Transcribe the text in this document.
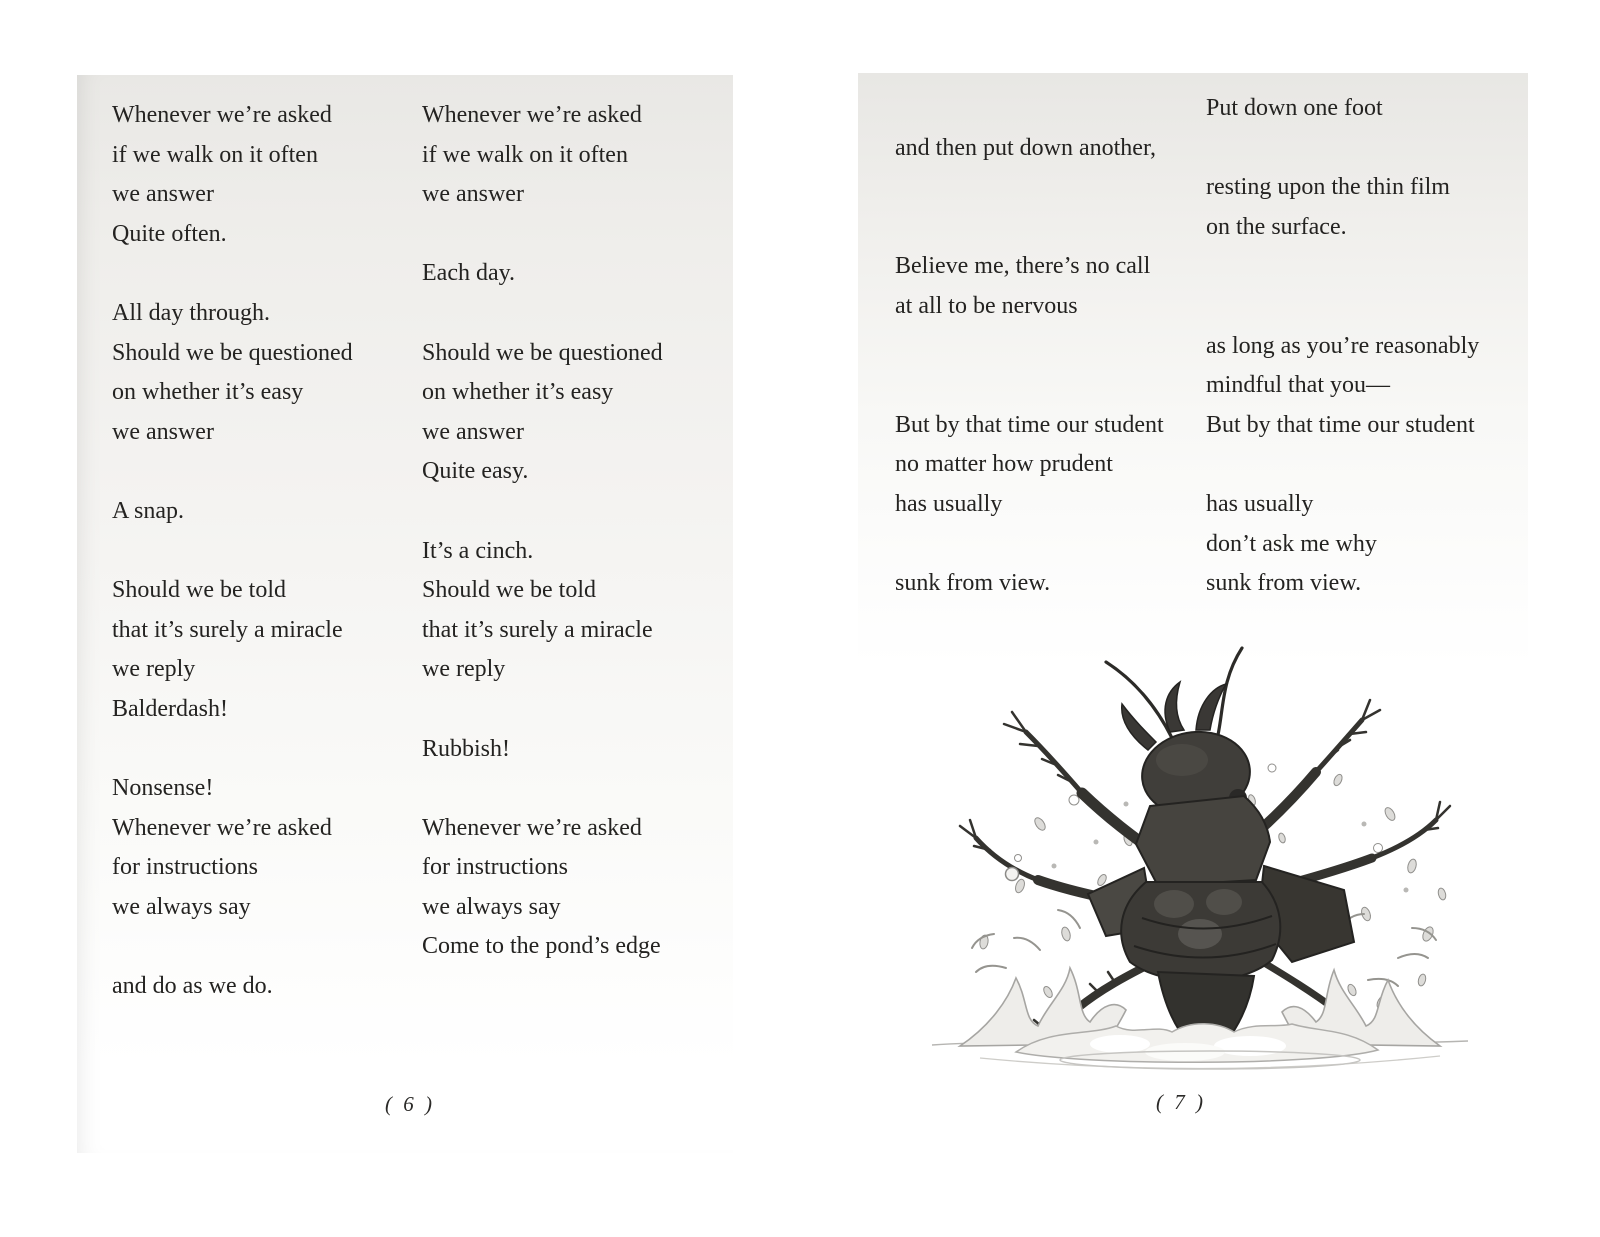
Whenever we’re asked
if we walk on it often
we answer
Quite often.

All day through.
Should we be questioned
on whether it’s easy
we answer

A snap.

Should we be told
that it’s surely a miracle
we reply
Balderdash!

Nonsense!
Whenever we’re asked
for instructions
we always say

and do as we do.
Whenever we’re asked
if we walk on it often
we answer

Each day.

Should we be questioned
on whether it’s easy
we answer
Quite easy.

It’s a cinch.
Should we be told
that it’s surely a miracle
we reply

Rubbish!

Whenever we’re asked
for instructions
we always say
Come to the pond’s edge
( 6 )

and then put down another,

Believe me, there’s no call
at all to be nervous

But by that time our student
no matter how prudent
has usually

sunk from view.
Put down one foot

resting upon the thin film
on the surface.

as long as you’re reasonably
mindful that you—
But by that time our student

has usually
don’t ask me why
sunk from view.
( 7 )
